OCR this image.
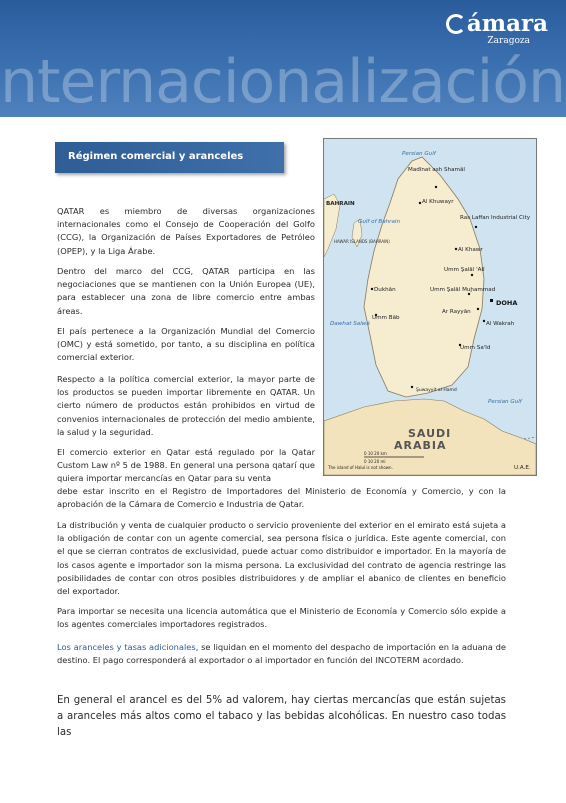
nternacionalización
ámara
Zaragoza
Régimen comercial y aranceles	Persian Gulf
Persian Gulf
Gulf of Bahrain
Dawhat Salwá
BAHRAIN
SAUDI
ARABIA
U.A.E.
HAWAR ISLANDS (BAHRAIN)
Madīnat ash Shamāl
Al Khuwayr
Ras Laffan Industrial City
Al Khawr
Umm Şalāl 'Alī
Umm Şalāl Muḩammad
Dukhān
DOHA
Ar Rayyān
Umm Bāb
Al Wakrah
Umm Sa'īd
Şuwayyit al Hamd
0 10 20 km
0 10 20 mi
The island of Halul is not shown.
QATAR es miembro de diversas organizaciones internacionales como el Consejo de Cooperación del Golfo (CCG), la Organización de Países Exportadores de Petróleo (OPEP), y la Liga Árabe.
Dentro del marco del CCG, QATAR participa en las negociaciones que se mantienen con la Unión Europea (UE), para establecer una zona de libre comercio entre ambas áreas.
El país pertenece a la Organización Mundial del Comercio (OMC) y está sometido, por tanto, a su disciplina en política comercial exterior.
Respecto a la política comercial exterior, la mayor parte de los productos se pueden importar libremente en QATAR. Un cierto número de productos están prohibidos en virtud de convenios internacionales de protección del medio ambiente, la salud y la seguridad.
El comercio exterior en Qatar está regulado por la Qatar Custom Law nº 5 de 1988. En general una persona qatarí que quiera importar mercancías en Qatar para su venta
debe estar inscrito en el Registro de Importadores del Ministerio de Economía y Comercio, y con la aprobación de la Cámara de Comercio e Industria de Qatar.
La distribución y venta de cualquier producto o servicio proveniente del exterior en el emirato está sujeta a la obligación de contar con un agente comercial, sea persona física o jurídica. Este agente comercial, con el que se cierran contratos de exclusividad, puede actuar como distribuidor e importador. En la mayoría de los casos agente e importador son la misma persona. La exclusividad del contrato de agencia restringe las posibilidades de contar con otros posibles distribuidores y de ampliar el abanico de clientes en beneficio del exportador.
Para importar se necesita una licencia automática que el Ministerio de Economía y Comercio sólo expide a los agentes comerciales importadores registrados.
Los aranceles y tasas adicionales, se liquidan en el momento del despacho de importación en la aduana de destino. El pago corresponderá al exportador o al importador en función del INCOTERM acordado.
En general el arancel es del 5% ad valorem, hay ciertas mercancías que están sujetas a aranceles más altos como el tabaco y las bebidas alcohólicas. En nuestro caso todas las
